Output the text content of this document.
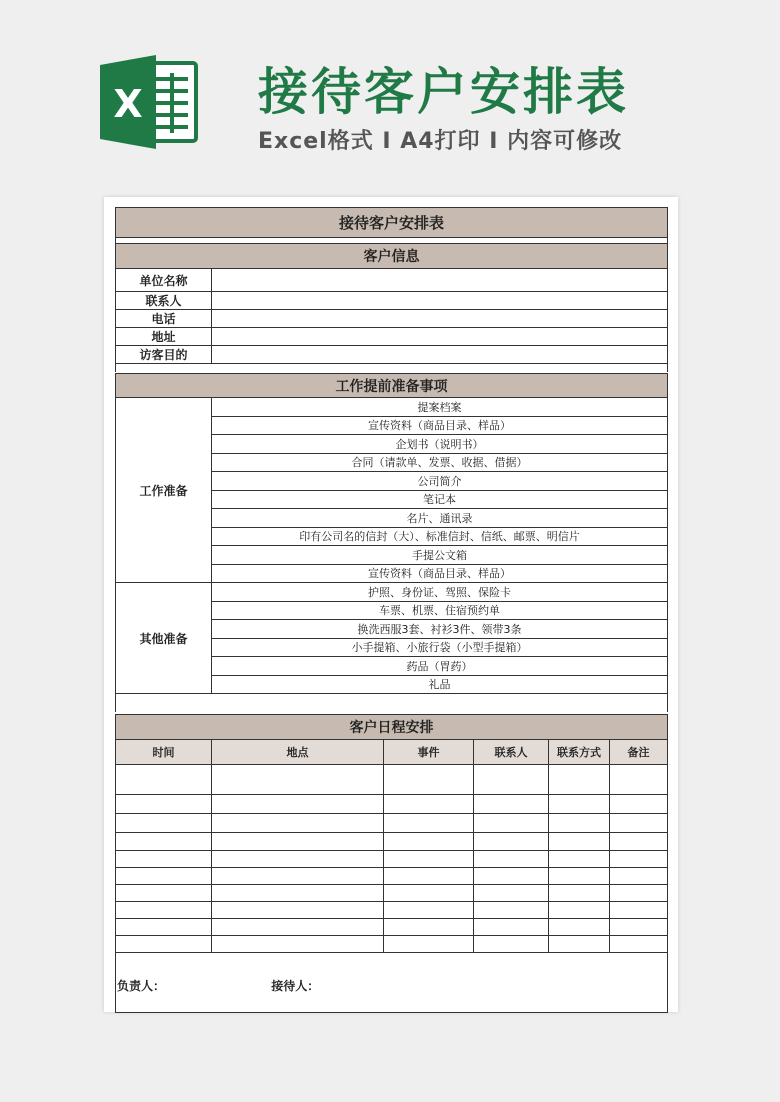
X 接待客户安排表
Excel格式 I A4打印 I 内容可修改
接待客户安排表	

客户信息	
单位名称	
联系人	
电话	
地址	
访客目的	

工作提前准备事项	
工作准备	提案档案
	宣传资料（商品目录、样品）
	企划书（说明书）
	合同（请款单、发票、收据、借据）
	公司简介
	笔记本
	名片、通讯录
	印有公司名的信封（大）、标准信封、信纸、邮票、明信片
	手提公文箱
	宣传资料（商品目录、样品）
其他准备	护照、身份证、驾照、保险卡
	车票、机票、住宿预约单
	换洗西服3套、衬衫3件、领带3条
	小手提箱、小旅行袋（小型手提箱）
	药品（胃药）
	礼品

客户日程安排					
时间	地点	事件	联系人	联系方式	备注

负责人：	接待人：
